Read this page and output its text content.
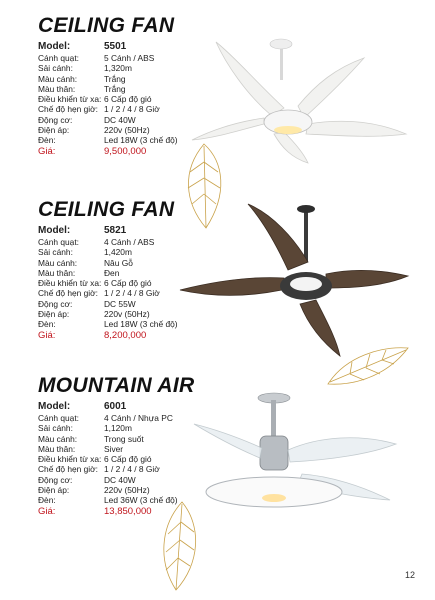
CEILING FAN
Model:	5501
Cánh quạt:	5 Cánh / ABS
Sải cánh:	1,320m
Màu cánh:	Trắng
Màu thân:	Trắng
Điều khiển từ xa: 6 Cấp độ gió
Chế độ hẹn giờ: 1 / 2 / 4 / 8 Giờ
Động cơ:	DC 40W
Điện áp:	220v (50Hz)
Đèn:	Led 18W (3 chế độ)
Giá:	9,500,000
CEILING FAN
Model:	5821
Cánh quạt:	4 Cánh / ABS
Sải cánh:	1,420m
Màu cánh:	Nâu Gỗ
Màu thân:	Đen
Điều khiển từ xa: 6 Cấp độ gió
Chế độ hẹn giờ: 1 / 2 / 4 / 8 Giờ
Động cơ:	DC 55W
Điện áp:	220v (50Hz)
Đèn:	Led 18W (3 chế độ)
Giá:	8,200,000
MOUNTAIN AIR
Model:	6001
Cánh quạt:	4 Cánh / Nhựa PC
Sải cánh:	1,120m
Màu cánh:	Trong suốt
Màu thân:	Siver
Điều khiển từ xa: 6 Cấp độ gió
Chế độ hẹn giờ: 1 / 2 / 4 / 8 Giờ
Động cơ:	DC 40W
Điện áp:	220v (50Hz)
Đèn:	Led 36W (3 chế độ)
Giá:	13,850,000
12
